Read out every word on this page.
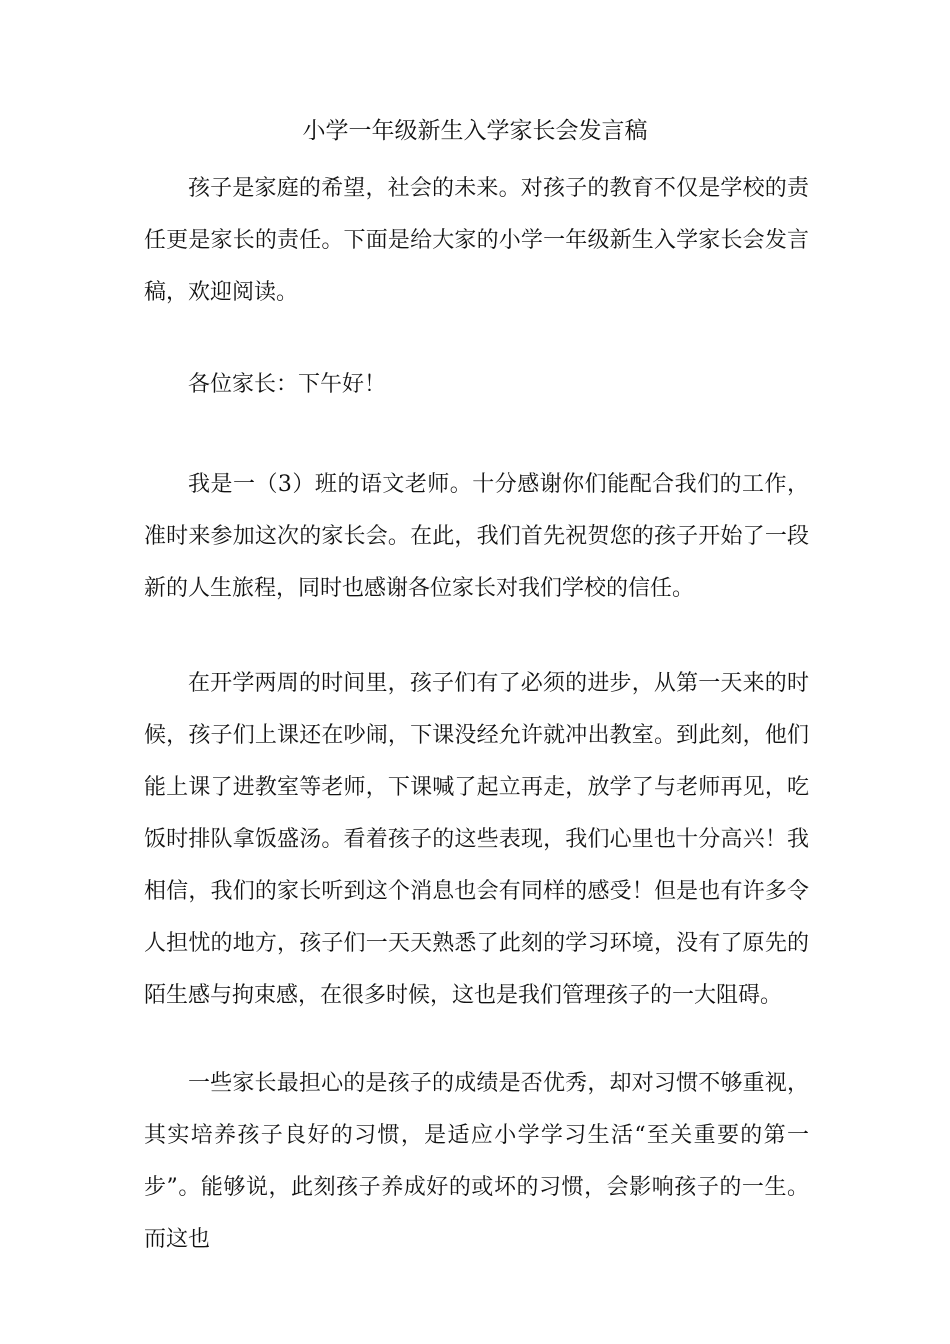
小学一年级新生入学家长会发言稿

孩子是家庭的希望，社会的未来。对孩子的教育不仅是学校的责任更是家长的责任。下面是给大家的小学一年级新生入学家长会发言稿，欢迎阅读。

各位家长：下午好！

我是一（3）班的语文老师。十分感谢你们能配合我们的工作，准时来参加这次的家长会。在此，我们首先祝贺您的孩子开始了一段新的人生旅程，同时也感谢各位家长对我们学校的信任。

在开学两周的时间里，孩子们有了必须的进步，从第一天来的时候，孩子们上课还在吵闹，下课没经允许就冲出教室。到此刻，他们能上课了进教室等老师，下课喊了起立再走，放学了与老师再见，吃饭时排队拿饭盛汤。看着孩子的这些表现，我们心里也十分高兴！我相信，我们的家长听到这个消息也会有同样的感受！但是也有许多令人担忧的地方，孩子们一天天熟悉了此刻的学习环境，没有了原先的陌生感与拘束感，在很多时候，这也是我们管理孩子的一大阻碍。

一些家长最担心的是孩子的成绩是否优秀，却对习惯不够重视，其实培养孩子良好的习惯，是适应小学学习生活“至关重要的第一步”。能够说，此刻孩子养成好的或坏的习惯，会影响孩子的一生。而这也
